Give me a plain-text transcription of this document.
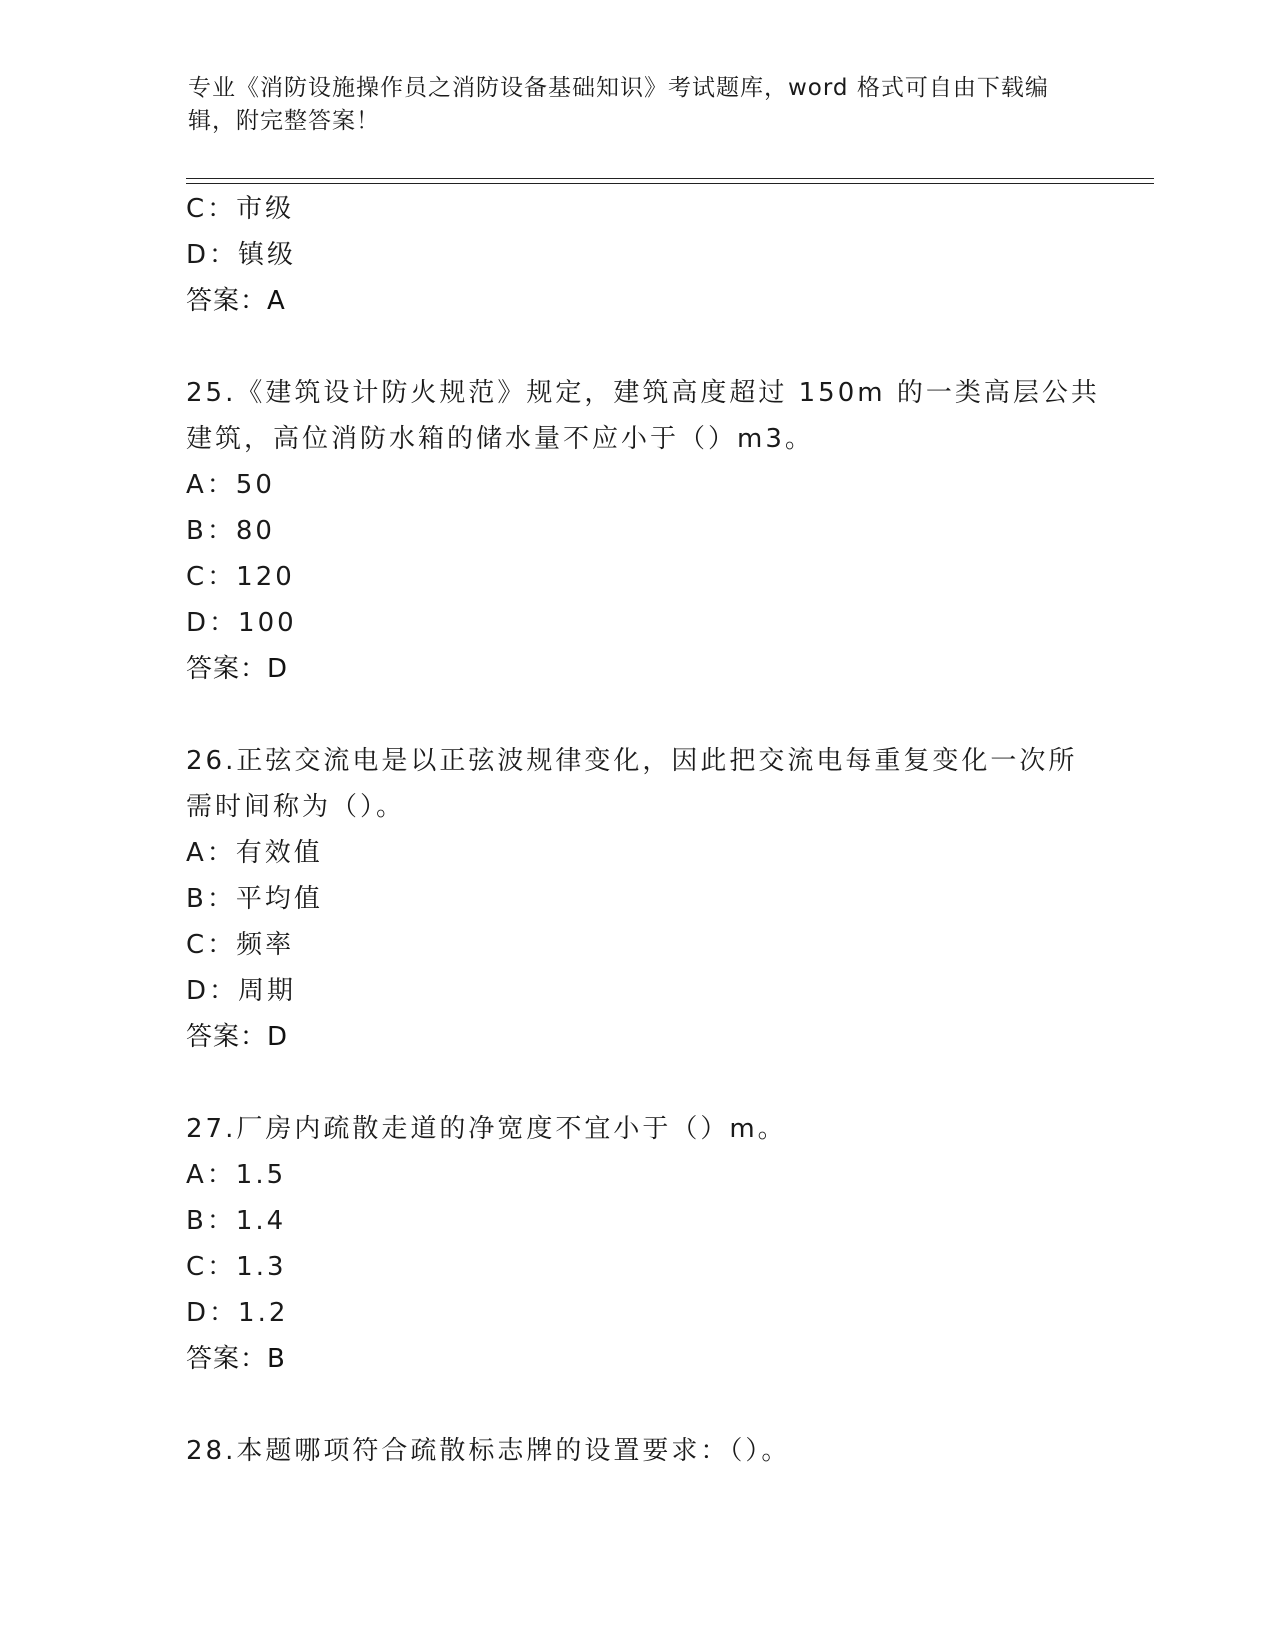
专业《消防设施操作员之消防设备基础知识》考试题库，word 格式可自由下载编
辑，附完整答案！
C：市级
D：镇级
答案：A
25.《建筑设计防火规范》规定，建筑高度超过 150m 的一类高层公共
建筑，高位消防水箱的储水量不应小于（）m3。
A：50
B：80
C：120
D：100
答案：D
26.正弦交流电是以正弦波规律变化，因此把交流电每重复变化一次所
需时间称为（）。
A：有效值
B：平均值
C：频率
D：周期
答案：D
27.厂房内疏散走道的净宽度不宜小于（）m。
A：1.5
B：1.4
C：1.3
D：1.2
答案：B
28.本题哪项符合疏散标志牌的设置要求：（）。
